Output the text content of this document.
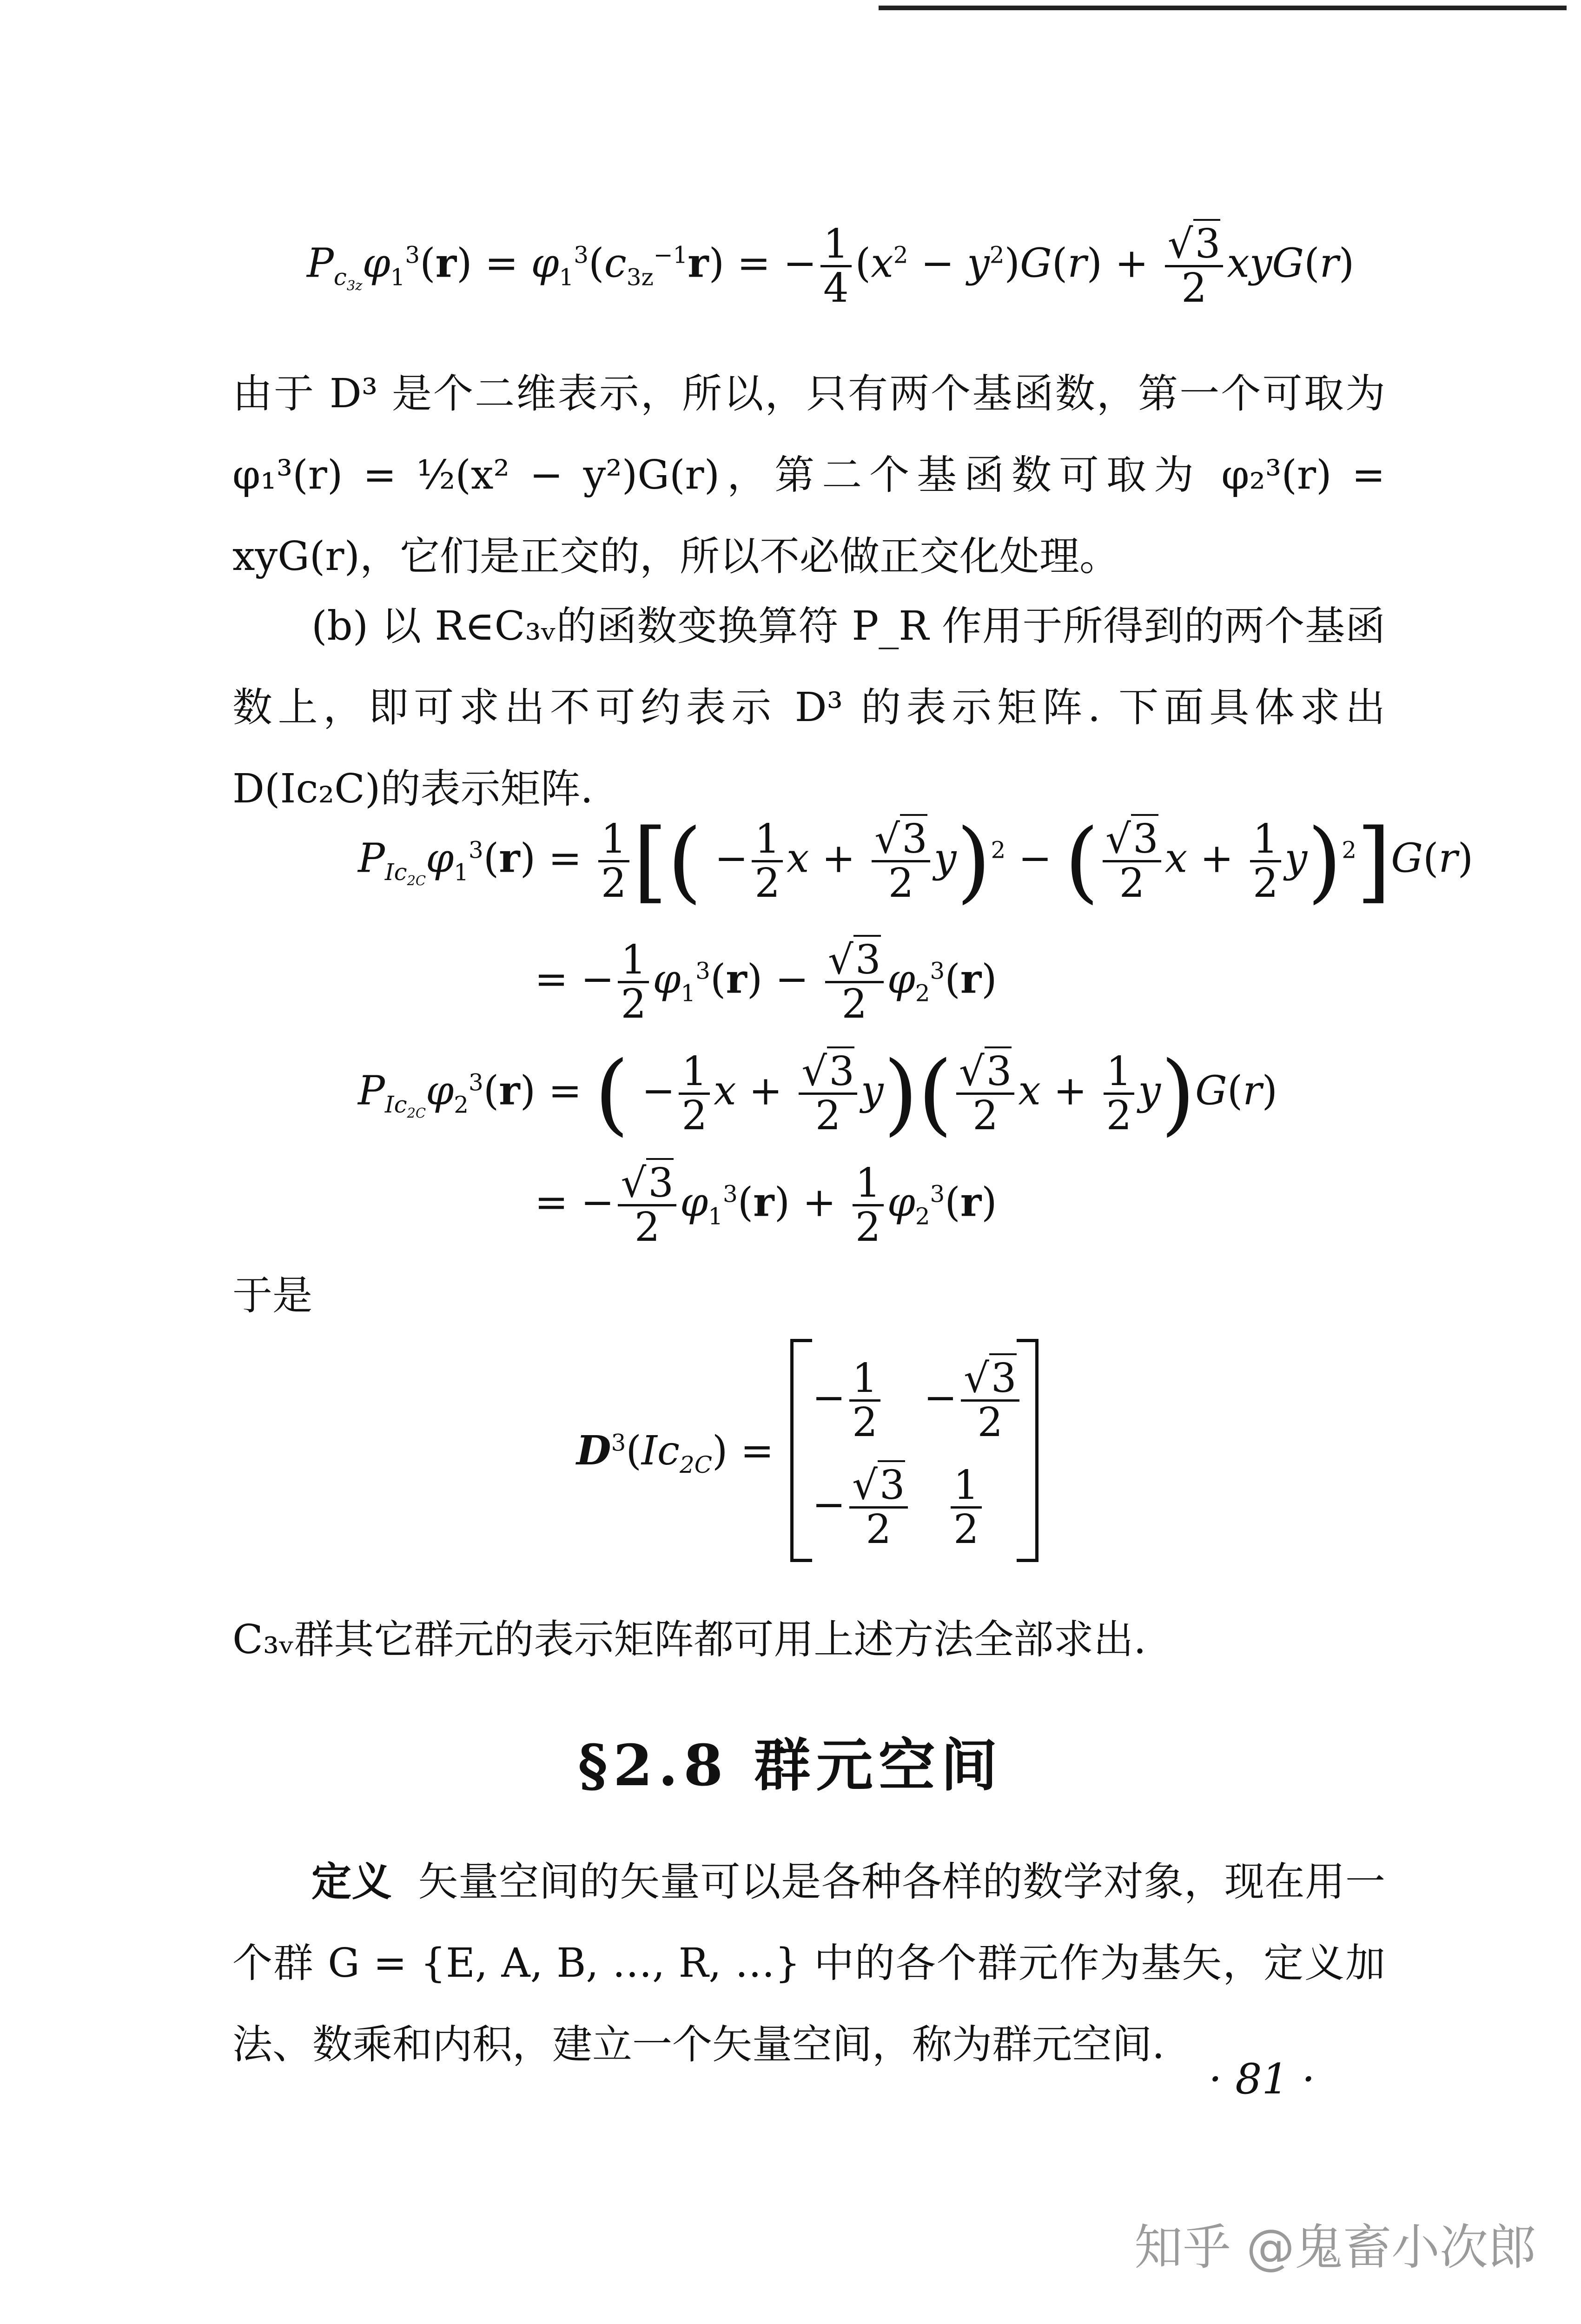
$P_{c_{3z}}\varphi_1^3(r) = \varphi_1^3(c_{3z}^{-1}r)$ = − $\frac{1}{4} (x^2 - y^2)G(r) + \frac{√3}{2} xyG(r)$
由于 D³ 是个二维表示，所以，只有两个基函数，第一个可取为 φ₁³(r) = ½(x² − y²)G(r)，第二个基函数可取为 φ₂³(r) = xyG(r)，它们是正交的，所以不必做正交化处理。
(b) 以 R∈C₃ᵥ的函数变换算符 P_R 作用于所得到的两个基函数上，即可求出不可约表示 D³ 的表示矩阵. 下面具体求出 D(Ic₂C)的表示矩阵.
$P_{Ic_{2C}}\varphi_1^3(r) = \frac{1}{2}$ [( − $\frac{1}{2}$ $x + \frac{√3}{2} y)^2$ − ( $\frac{√3}{2}$ $x + \frac{1}{2} y)^2]G(r)$
= − $\frac{1}{2} \varphi_1^3(r) - \frac{√3}{2} \varphi_2^3(r)$
$P_{Ic_{2C}}\varphi_2^3(r)$ = ( − $\frac{1}{2}$ $x + \frac{√3}{2} y)( \frac{√3}{2}$ $x + \frac{1}{2} y)G(r)$
= − $\frac{√3}{2} \varphi_1^3(r) + \frac{1}{2} \varphi_2^3(r)$
于是
$D^3(Ic_{2C})$ =
− $\frac{1}{2} - \frac{√3}{2}$
− $\frac{√3}{2} \frac{1}{2}$
C₃ᵥ群其它群元的表示矩阵都可用上述方法全部求出.
§2.8 群元空间
定义 矢量空间的矢量可以是各种各样的数学对象，现在用一个群 G = {E, A, B, …, R, …} 中的各个群元作为基矢，定义加法、数乘和内积，建立一个矢量空间，称为群元空间.
· 81 ·
知乎 @鬼畜小次郎
